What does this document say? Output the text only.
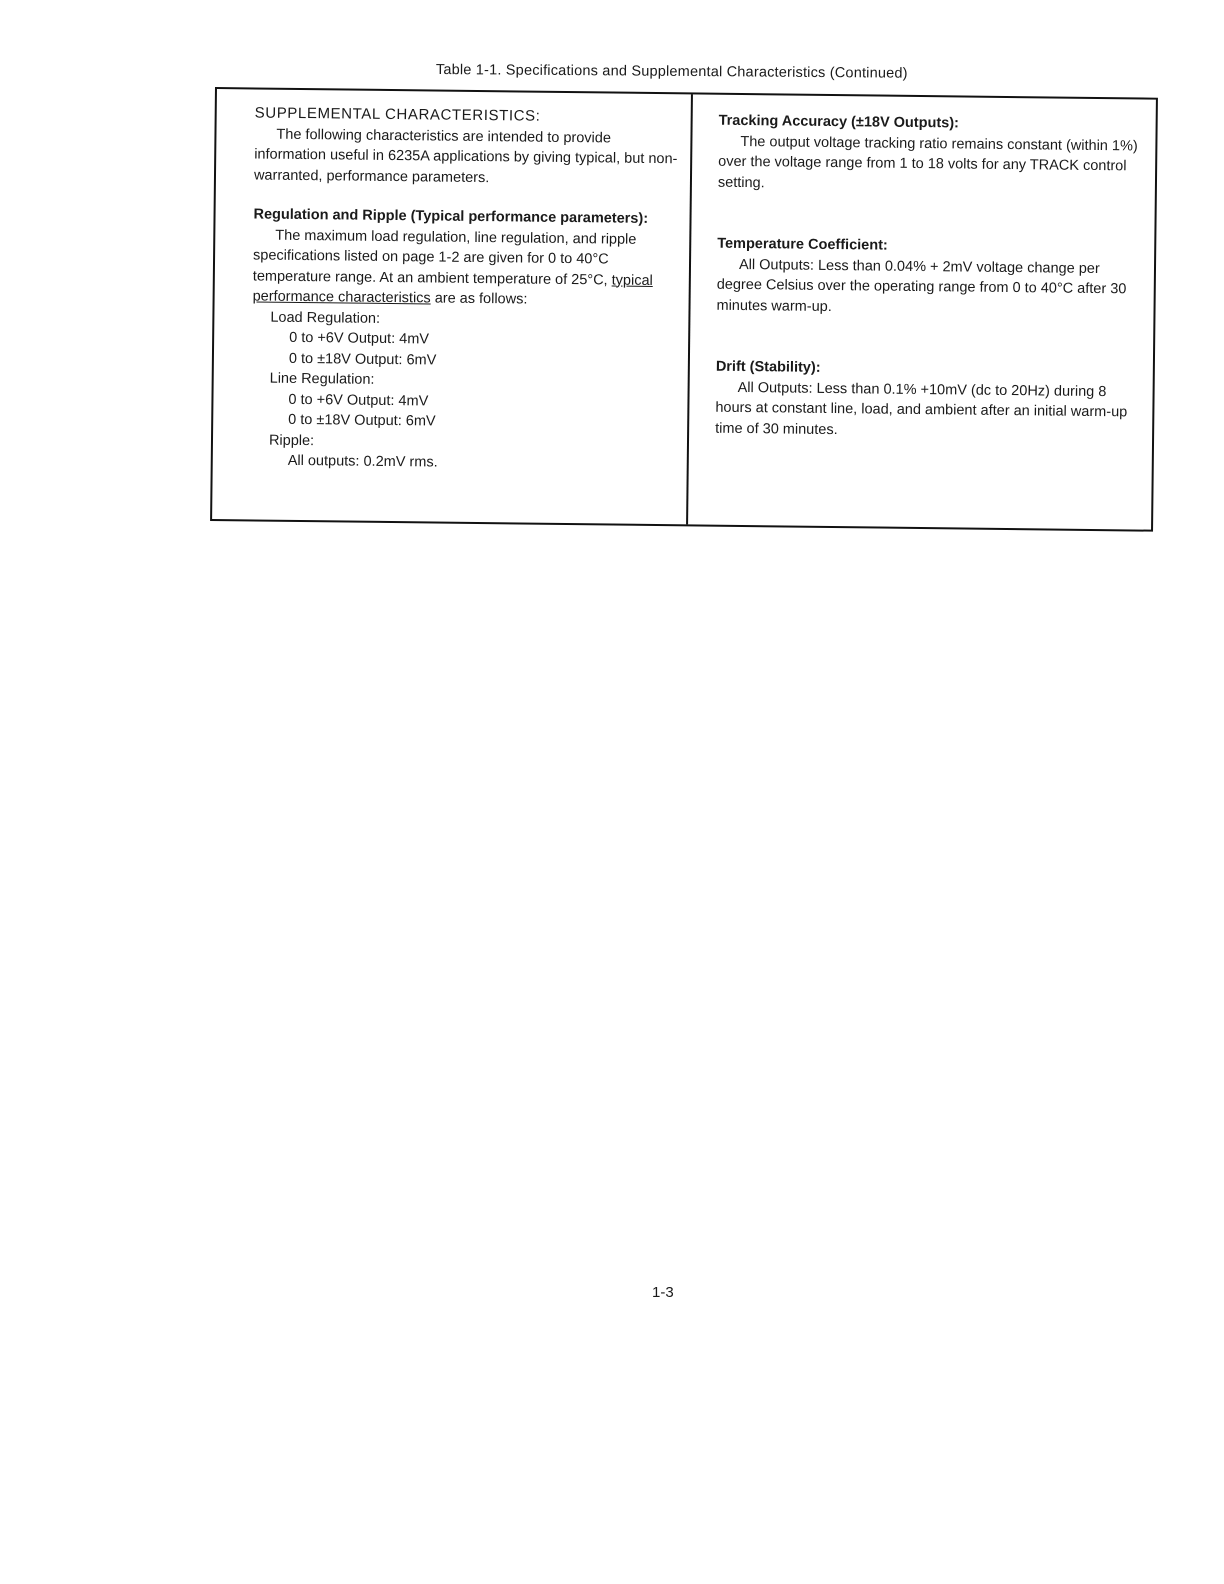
Table 1-1. Specifications and Supplemental Characteristics (Continued)

SUPPLEMENTAL CHARACTERISTICS:

The following characteristics are intended to provide information useful in 6235A applications by giving typical, but non-warranted, performance parameters.

Regulation and Ripple (Typical performance parameters):

The maximum load regulation, line regulation, and ripple specifications listed on page 1-2 are given for 0 to 40°C temperature range. At an ambient temperature of 25°C, typical performance characteristics are as follows:

Load Regulation:

0 to +6V Output: 4mV

0 to ±18V Output: 6mV

Line Regulation:

0 to +6V Output: 4mV

0 to ±18V Output: 6mV

Ripple:

All outputs: 0.2mV rms.

Tracking Accuracy (±18V Outputs):

The output voltage tracking ratio remains constant (within 1%) over the voltage range from 1 to 18 volts for any TRACK control setting.

Temperature Coefficient:

All Outputs: Less than 0.04% + 2mV voltage change per degree Celsius over the operating range from 0 to 40°C after 30 minutes warm-up.

Drift (Stability):

All Outputs: Less than 0.1% +10mV (dc to 20Hz) during 8 hours at constant line, load, and ambient after an initial warm-up time of 30 minutes.

1-3
